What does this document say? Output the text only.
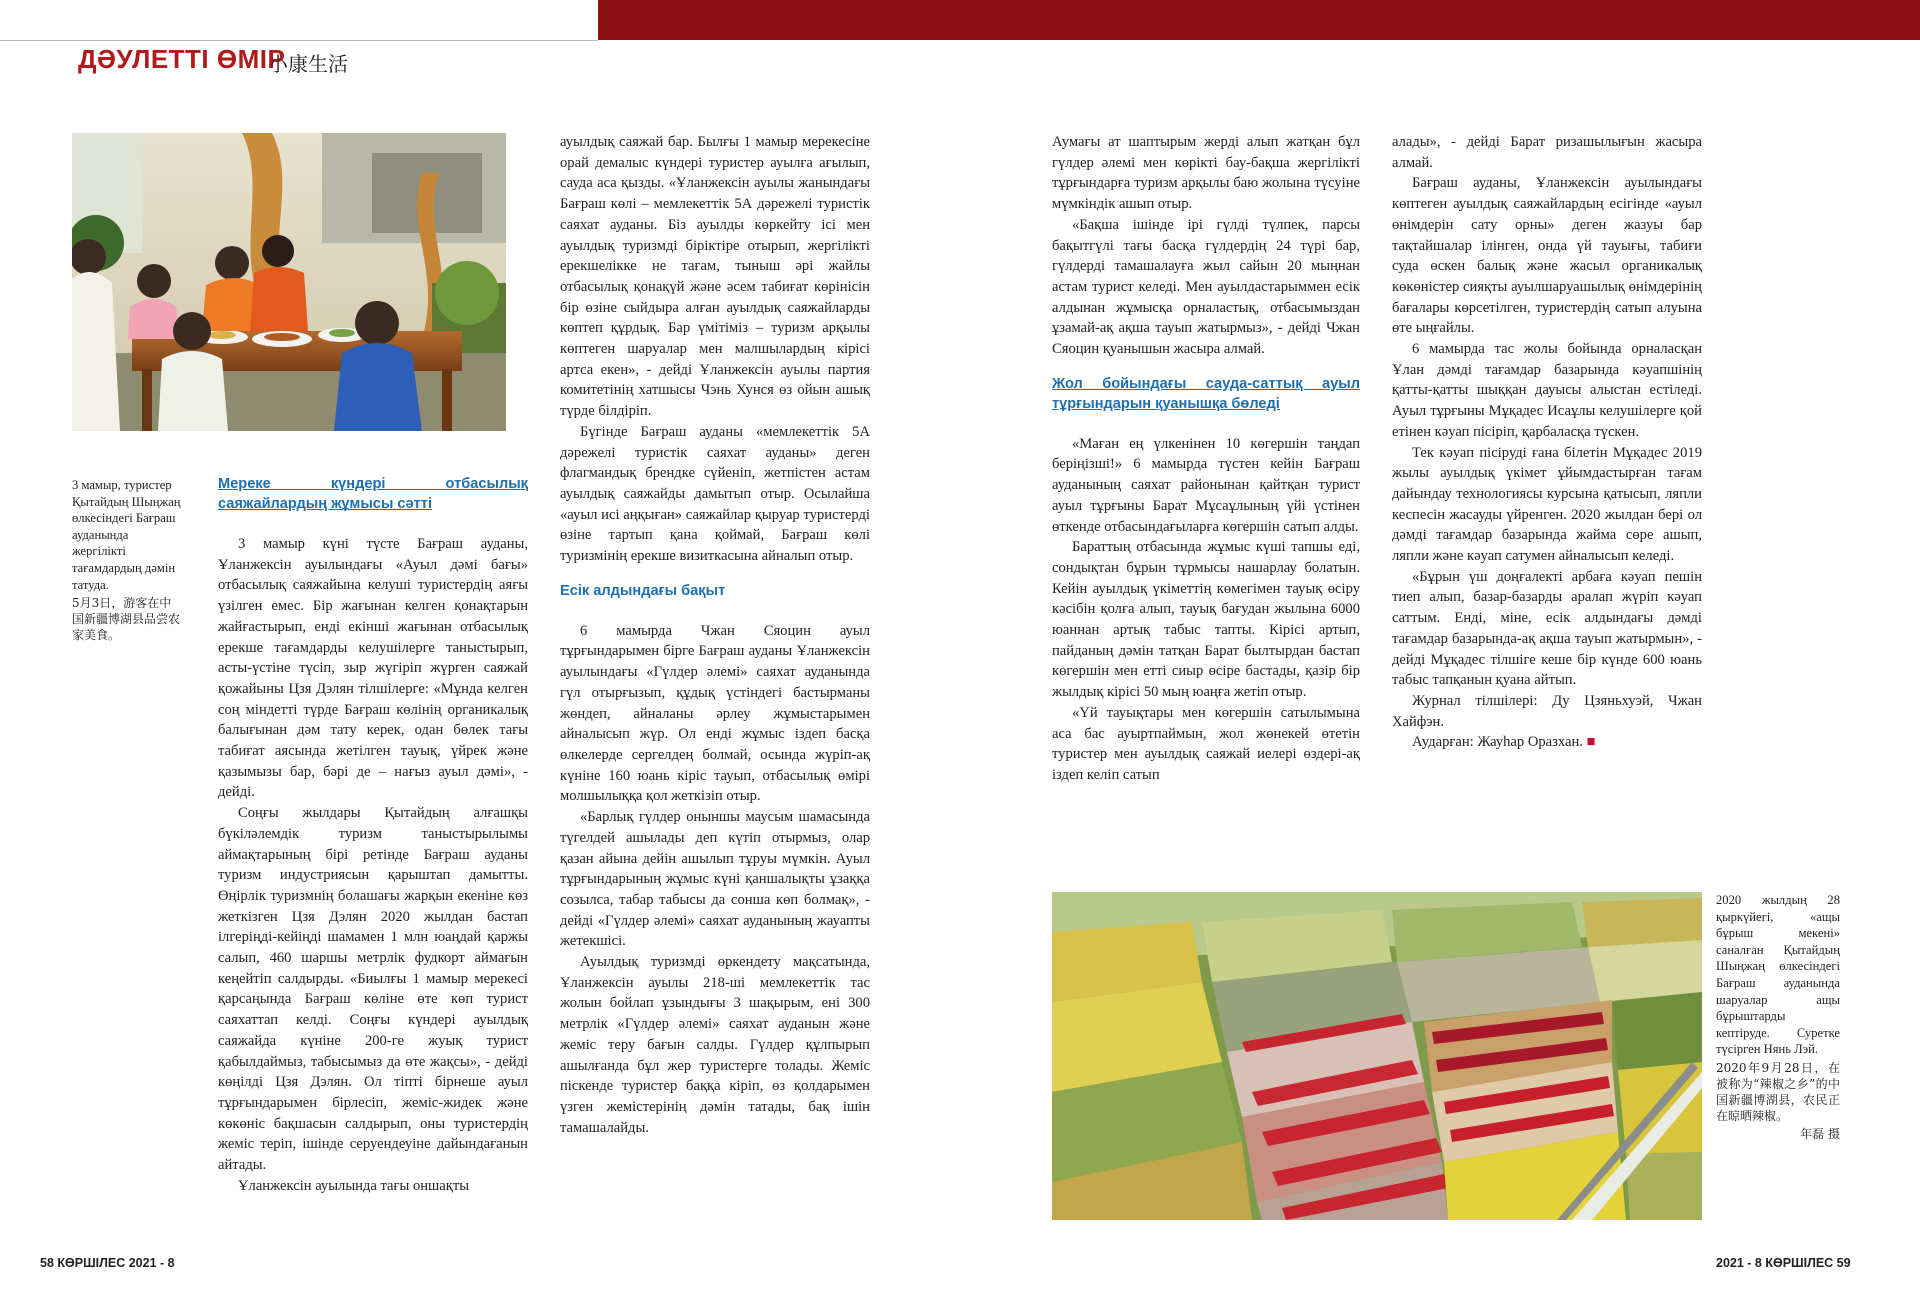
ДӘУЛЕТТІ ӨМІР
小康生活
3 мамыр, туристер Қытайдың Шыңжаң өлкесіндегі Бағраш ауданында жергілікті тағамдардың дәмін татуда.
5月3日，游客在中国新疆博湖县品尝农家美食。
Мереке күндері отбасылық саяжайлардың жұмысы сәтті

3 мамыр күні түсте Бағраш ауданы, Ұланжексін ауылындағы «Ауыл дәмі бағы» отбасылық саяжайына келуші туристердің аяғы үзілген емес. Бір жағынан келген қонақтарын жайғастырып, енді екінші жағынан отбасылық ерекше тағамдарды келушілерге таныстырып, асты-үстіне түсіп, зыр жүгіріп жүрген саяжай қожайыны Цзя Дэлян тілшілерге: «Мұнда келген соң міндетті түрде Бағраш көлінің органикалық балығынан дәм тату керек, одан бөлек тағы табиғат аясында жетілген тауық, үйрек және қазымызы бар, бәрі де – нағыз ауыл дәмі», - дейді.

Соңғы жылдары Қытайдың алғашқы бүкіләлемдік туризм таныстырылымы аймақтарының бірі ретінде Бағраш ауданы туризм индустриясын қарыштап дамытты. Өңірлік туризмнің болашағы жарқын екеніне көз жеткізген Цзя Дэлян 2020 жылдан бастап ілгеріңді-кейіңді шамамен 1 млн юаңдай қаржы салып, 460 шаршы метрлік фудкорт аймағын кеңейтіп салдырды. «Биылғы 1 мамыр мерекесі қарсаңында Бағраш көліне өте көп турист саяхаттап келді. Соңғы күндері ауылдық саяжайда күніне 200-ге жуық турист қабылдаймыз, табысымыз да өте жақсы», - дейді көңілді Цзя Дэлян. Ол тіпті бірнеше ауыл тұрғындарымен бірлесіп, жеміс-жидек және көкөніс бақшасын салдырып, оны туристердің жеміс теріп, ішінде серуендеуіне дайындағанын айтады.

Ұланжексін ауылында тағы оншақты

ауылдық саяжай бар. Былғы 1 мамыр мерекесіне орай демалыс күндері туристер ауылға ағылып, сауда аса қызды. «Ұланжексін ауылы жанындағы Бағраш көлі – мемлекеттік 5А дәрежелі туристік саяхат ауданы. Біз ауылды көркейту ісі мен ауылдық туризмді біріктіре отырып, жергілікті ерекшелікке не тағам, тыныш әрі жайлы отбасылық қонақүй және әсем табиғат көрінісін бір өзіне сыйдыра алған ауылдық саяжайларды көптеп құрдық. Бар үмітіміз – туризм арқылы көптеген шаруалар мен малшылардың кірісі артса екен», - дейді Ұланжексін ауылы партия комитетінің хатшысы Чэнь Хунся өз ойын ашық түрде білдіріп.

Бүгінде Бағраш ауданы «мемлекеттік 5А дәрежелі туристік саяхат ауданы» деген флагмандық брендке сүйеніп, жетпістен астам ауылдық саяжайды дамытып отыр. Осылайша «ауыл исі аңқыған» саяжайлар қыруар туристерді өзіне тартып қана қоймай, Бағраш көлі туризмінің ерекше визиткасына айналып отыр.

Есік алдындағы бақыт

6 мамырда Чжан Сяоцин ауыл тұрғындарымен бірге Бағраш ауданы Ұланжексін ауылындағы «Гүлдер әлемі» саяхат ауданында гүл отырғызып, құдық үстіндегі бастырманы жөндеп, айналаны әрлеу жұмыстарымен айналысып жүр. Ол енді жұмыс іздеп басқа өлкелерде сергелдең болмай, осында жүріп-ақ күніне 160 юань кіріс тауып, отбасылық өмірі молшылыққа қол жеткізіп отыр.

«Барлық гүлдер оныншы маусым шамасында түгелдей ашылады деп күтіп отырмыз, олар қазан айына дейін ашылып тұруы мүмкін. Ауыл тұрғындарының жұмыс күні қаншалықты ұзаққа созылса, табар табысы да сонша көп болмақ», - дейді «Гүлдер әлемі» саяхат ауданының жауапты жетекшісі.

Ауылдық туризмді өркендету мақсатында, Ұланжексін ауылы 218-ші мемлекеттік тас жолын бойлап ұзындығы 3 шақырым, ені 300 метрлік «Гүлдер әлемі» саяхат ауданын және жеміс теру бағын салды. Гүлдер құлпырып ашылғанда бұл жер туристерге толады. Жеміс піскенде туристер баққа кіріп, өз қолдарымен үзген жемістерінің дәмін татады, бақ ішін тамашалайды.

Аумағы ат шаптырым жерді алып жатқан бұл гүлдер әлемі мен көрікті бау-бақша жергілікті тұрғындарға туризм арқылы баю жолына түсуіне мүмкіндік ашып отыр.

«Бақша ішінде ірі гүлді түлпек, парсы бақытгүлі тағы басқа гүлдердің 24 түрі бар, гүлдерді тамашалауға жыл сайын 20 мыңнан астам турист келеді. Мен ауылдастарыммен есік алдынан жұмысқа орналастық, отбасымыздан ұзамай-ақ ақша тауып жатырмыз», - дейді Чжан Сяоцин қуанышын жасыра алмай.

Жол бойындағы сауда-саттық ауыл тұрғындарын қуанышқа бөледі

«Маған ең үлкенінен 10 көгершін таңдап беріңізші!» 6 мамырда түстен кейін Бағраш ауданының саяхат районынан қайтқан турист ауыл тұрғыны Барат Мұсаұлының үйі үстінен өткенде отбасындағыларға көгершін сатып алды.

Бараттың отбасында жұмыс күші тапшы еді, сондықтан бұрын тұрмысы нашарлау болатын. Кейін ауылдық үкіметтің көмегімен тауық өсіру кәсібін қолға алып, тауық бағудан жылына 6000 юаннан артық табыс тапты. Кірісі артып, пайданың дәмін татқан Барат былтырдан бастап көгершін мен етті сиыр өсіре бастады, қазір бір жылдық кірісі 50 мың юаңға жетіп отыр.

«Үй тауықтары мен көгершін сатылымына аса бас ауыртпаймын, жол жөнекей өтетін туристер мен ауылдық саяжай иелері өздері-ақ іздеп келіп сатып

алады», - дейді Барат ризашылығын жасыра алмай.

Бағраш ауданы, Ұланжексін ауылындағы көптеген ауылдық саяжайлардың есігінде «ауыл өнімдерін сату орны» деген жазуы бар тақтайшалар ілінген, онда үй тауығы, табиғи суда өскен балық және жасыл органикалық көкөністер сияқты ауылшаруашылық өнімдерінің бағалары көрсетілген, туристердің сатып алуына өте ыңғайлы.

6 мамырда тас жолы бойында орналасқан Ұлан дәмді тағамдар базарында кәуапшінің қатты-қатты шыққан дауысы алыстан естіледі. Ауыл тұрғыны Мұқадес Исаұлы келушілерге қой етінен кәуап пісіріп, қарбаласқа түскен.

Тек кәуап пісіруді ғана білетін Мұқадес 2019 жылы ауылдық үкімет ұйымдастырған тағам дайындау технологиясы курсына қатысып, ляпли кеспесін жасауды үйренген. 2020 жылдан бері ол дәмді тағамдар базарында жайма сөре ашып, ляпли және кәуап сатумен айналысып келеді.

«Бұрын үш доңғалекті арбаға кәуап пешін тиеп алып, базар-базарды аралап жүріп кәуап саттым. Енді, міне, есік алдындағы дәмді тағамдар базарында-ақ ақша тауып жатырмын», - дейді Мұқадес тілшіге кеше бір күнде 600 юань табыс тапқанын қуана айтып.

Журнал тілшілері: Ду Цзяньхуэй, Чжан Хайфэн.

Аударған: Жауһар Оразхан. ■

2020 жылдың 28 қыркүйегі, «ащы бұрыш мекені» саналған Қытайдың Шыңжаң өлкесіндегі Бағраш ауданында шаруалар ащы бұрыштарды кептіруде. Суретке түсірген Нянь Лэй.
2020年9月28日，在被称为“辣椒之乡”的中国新疆博湖县，农民正在晾晒辣椒。
年磊 摄
58 КӨРШІЛЕС 2021 - 8	2021 - 8 КӨРШІЛЕС 59
